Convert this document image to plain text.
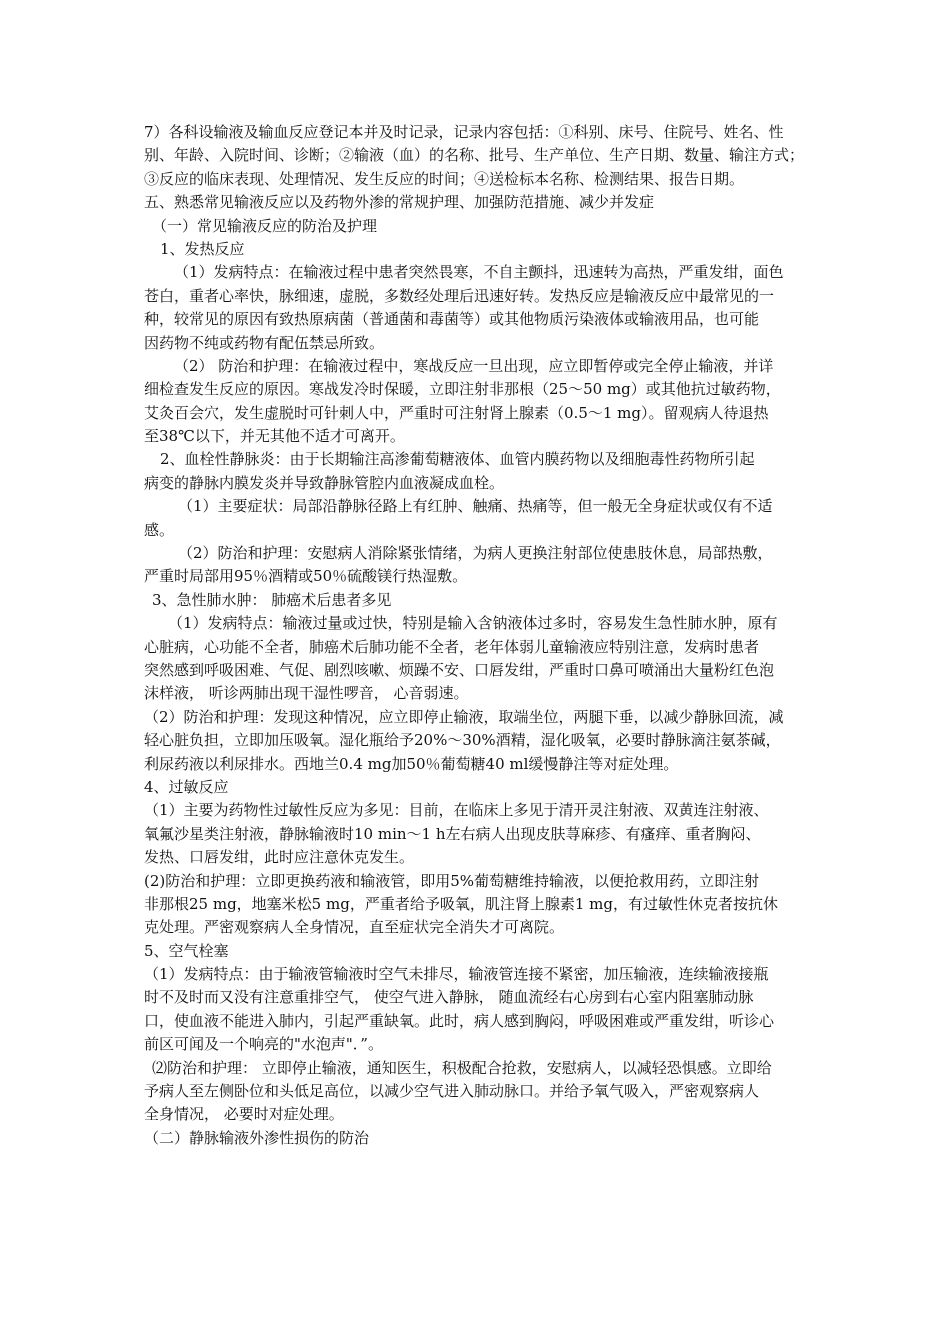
7）各科设输液及输血反应登记本并及时记录，记录内容包括：①科别、床号、住院号、姓名、性
别、年龄、入院时间、诊断；②输液（血）的名称、批号、生产单位、生产日期、数量、输注方式；
③反应的临床表现、处理情况、发生反应的时间；④送检标本名称、检测结果、报告日期。
五、熟悉常见输液反应以及药物外渗的常规护理、加强防范措施、减少并发症
（一）常见输液反应的防治及护理
1、发热反应
（1）发病特点：在输液过程中患者突然畏寒，不自主颤抖，迅速转为高热，严重发绀，面色
苍白，重者心率快，脉细速，虚脱，多数经处理后迅速好转。发热反应是输液反应中最常见的一
种，较常见的原因有致热原病菌（普通菌和毒菌等）或其他物质污染液体或输液用品，也可能
因药物不纯或药物有配伍禁忌所致。
（2） 防治和护理：在输液过程中，寒战反应一旦出现，应立即暂停或完全停止输液，并详
细检查发生反应的原因。寒战发冷时保暖，立即注射非那根（25～50 mg）或其他抗过敏药物，
艾灸百会穴，发生虚脱时可针刺人中，严重时可注射肾上腺素（0.5～1 mg）。留观病人待退热
至38℃以下，并无其他不适才可离开。
2、血栓性静脉炎：由于长期输注高渗葡萄糖液体、血管内膜药物以及细胞毒性药物所引起
病变的静脉内膜发炎并导致静脉管腔内血液凝成血栓。
（1）主要症状：局部沿静脉径路上有红肿、触痛、热痛等，但一般无全身症状或仅有不适
感。
（2）防治和护理：安慰病人消除紧张情绪，为病人更换注射部位使患肢休息，局部热敷，
严重时局部用95％酒精或50％硫酸镁行热湿敷。
3、急性肺水肿： 肺癌术后患者多见
（1）发病特点：输液过量或过快，特别是输入含钠液体过多时，容易发生急性肺水肿，原有
心脏病，心功能不全者，肺癌术后肺功能不全者，老年体弱儿童输液应特别注意，发病时患者
突然感到呼吸困难、气促、剧烈咳嗽、烦躁不安、口唇发绀，严重时口鼻可喷涌出大量粉红色泡
沫样液， 听诊两肺出现干湿性啰音， 心音弱速。
（2）防治和护理：发现这种情况，应立即停止输液，取端坐位，两腿下垂，以减少静脉回流，减
轻心脏负担，立即加压吸氧。湿化瓶给予20%～30%酒精，湿化吸氧，必要时静脉滴注氨茶碱，
利尿药液以利尿排水。西地兰0.4 mg加50％葡萄糖40 ml缓慢静注等对症处理。
4、过敏反应
（1）主要为药物性过敏性反应为多见：目前，在临床上多见于清开灵注射液、双黄连注射液、
氧氟沙星类注射液，静脉输液时10 min～1 h左右病人出现皮肤荨麻疹、有瘙痒、重者胸闷、
发热、口唇发绀，此时应注意休克发生。
(2)防治和护理：立即更换药液和输液管，即用5%葡萄糖维持输液，以便抢救用药，立即注射
非那根25 mg，地塞米松5 mg，严重者给予吸氧，肌注肾上腺素1 mg，有过敏性休克者按抗休
克处理。严密观察病人全身情况，直至症状完全消失才可离院。
5、空气栓塞
（1）发病特点：由于输液管输液时空气未排尽，输液管连接不紧密，加压输液，连续输液接瓶
时不及时而又没有注意重排空气， 使空气进入静脉， 随血流经右心房到右心室内阻塞肺动脉
口，使血液不能进入肺内，引起严重缺氧。此时，病人感到胸闷，呼吸困难或严重发绀，听诊心
前区可闻及一个响亮的"水泡声"．”。
⑵防治和护理： 立即停止输液，通知医生，积极配合抢救，安慰病人，以减轻恐惧感。立即给
予病人至左侧卧位和头低足高位，以减少空气进入肺动脉口。并给予氧气吸入，严密观察病人
全身情况， 必要时对症处理。
（二）静脉输液外渗性损伤的防治
